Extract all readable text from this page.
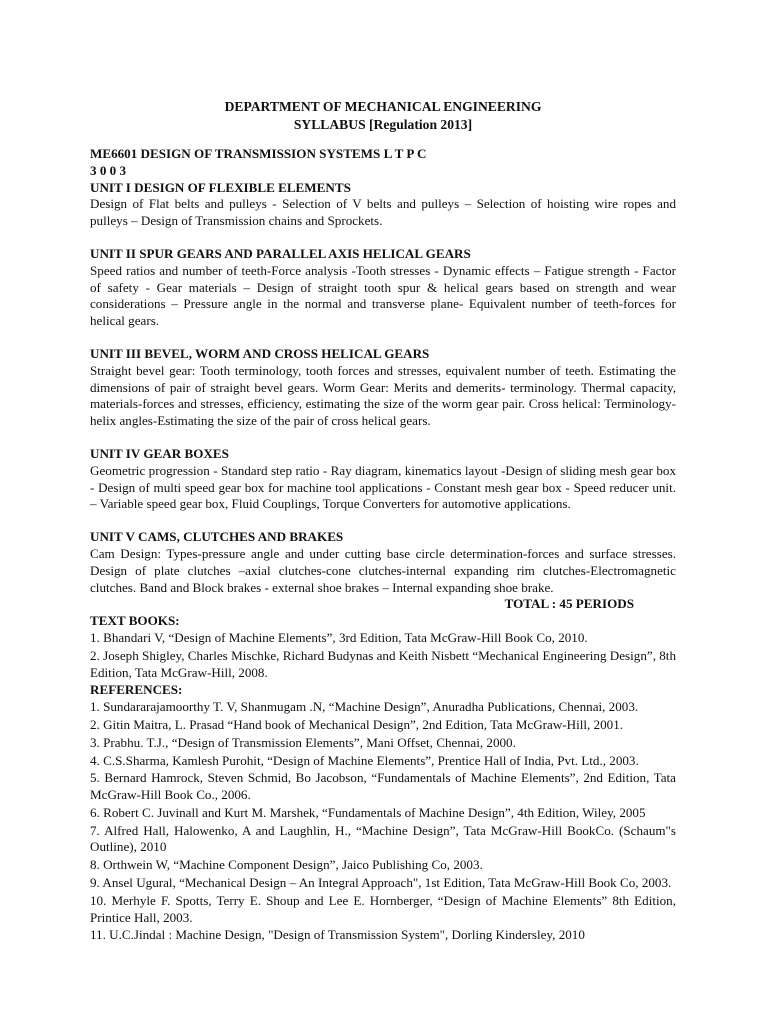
DEPARTMENT OF MECHANICAL ENGINEERING
SYLLABUS [Regulation 2013]
ME6601 DESIGN OF TRANSMISSION SYSTEMS L T P C
3 0 0 3
UNIT I DESIGN OF FLEXIBLE ELEMENTS

Design of Flat belts and pulleys - Selection of V belts and pulleys – Selection of hoisting wire ropes and pulleys – Design of Transmission chains and Sprockets.

UNIT II SPUR GEARS AND PARALLEL AXIS HELICAL GEARS

Speed ratios and number of teeth-Force analysis -Tooth stresses - Dynamic effects – Fatigue strength - Factor of safety - Gear materials – Design of straight tooth spur & helical gears based on strength and wear considerations – Pressure angle in the normal and transverse plane- Equivalent number of teeth-forces for helical gears.

UNIT III BEVEL, WORM AND CROSS HELICAL GEARS

Straight bevel gear: Tooth terminology, tooth forces and stresses, equivalent number of teeth. Estimating the dimensions of pair of straight bevel gears. Worm Gear: Merits and demerits- terminology. Thermal capacity, materials-forces and stresses, efficiency, estimating the size of the worm gear pair. Cross helical: Terminology-helix angles-Estimating the size of the pair of cross helical gears.

UNIT IV GEAR BOXES

Geometric progression - Standard step ratio - Ray diagram, kinematics layout -Design of sliding mesh gear box - Design of multi speed gear box for machine tool applications - Constant mesh gear box - Speed reducer unit. – Variable speed gear box, Fluid Couplings, Torque Converters for automotive applications.

UNIT V CAMS, CLUTCHES AND BRAKES

Cam Design: Types-pressure angle and under cutting base circle determination-forces and surface stresses. Design of plate clutches –axial clutches-cone clutches-internal expanding rim clutches-Electromagnetic clutches. Band and Block brakes - external shoe brakes – Internal expanding shoe brake.

TOTAL : 45 PERIODS
TEXT BOOKS:
1. Bhandari V, “Design of Machine Elements”, 3rd Edition, Tata McGraw-Hill Book Co, 2010.
2. Joseph Shigley, Charles Mischke, Richard Budynas and Keith Nisbett “Mechanical Engineering Design”, 8th Edition, Tata McGraw-Hill, 2008.
REFERENCES:
1. Sundararajamoorthy T. V, Shanmugam .N, “Machine Design”, Anuradha Publications, Chennai, 2003.
2. Gitin Maitra, L. Prasad “Hand book of Mechanical Design”, 2nd Edition, Tata McGraw-Hill, 2001.
3. Prabhu. T.J., “Design of Transmission Elements”, Mani Offset, Chennai, 2000.
4. C.S.Sharma, Kamlesh Purohit, “Design of Machine Elements”, Prentice Hall of India, Pvt. Ltd., 2003.
5. Bernard Hamrock, Steven Schmid, Bo Jacobson, “Fundamentals of Machine Elements”, 2nd Edition, Tata McGraw-Hill Book Co., 2006.
6. Robert C. Juvinall and Kurt M. Marshek, “Fundamentals of Machine Design”, 4th Edition, Wiley, 2005
7. Alfred Hall, Halowenko, A and Laughlin, H., “Machine Design”, Tata McGraw-Hill BookCo. (Schaum"s Outline), 2010
8. Orthwein W, “Machine Component Design”, Jaico Publishing Co, 2003.
9. Ansel Ugural, “Mechanical Design – An Integral Approach", 1st Edition, Tata McGraw-Hill Book Co, 2003.
10. Merhyle F. Spotts, Terry E. Shoup and Lee E. Hornberger, “Design of Machine Elements” 8th Edition, Printice Hall, 2003.
11. U.C.Jindal : Machine Design, "Design of Transmission System", Dorling Kindersley, 2010
